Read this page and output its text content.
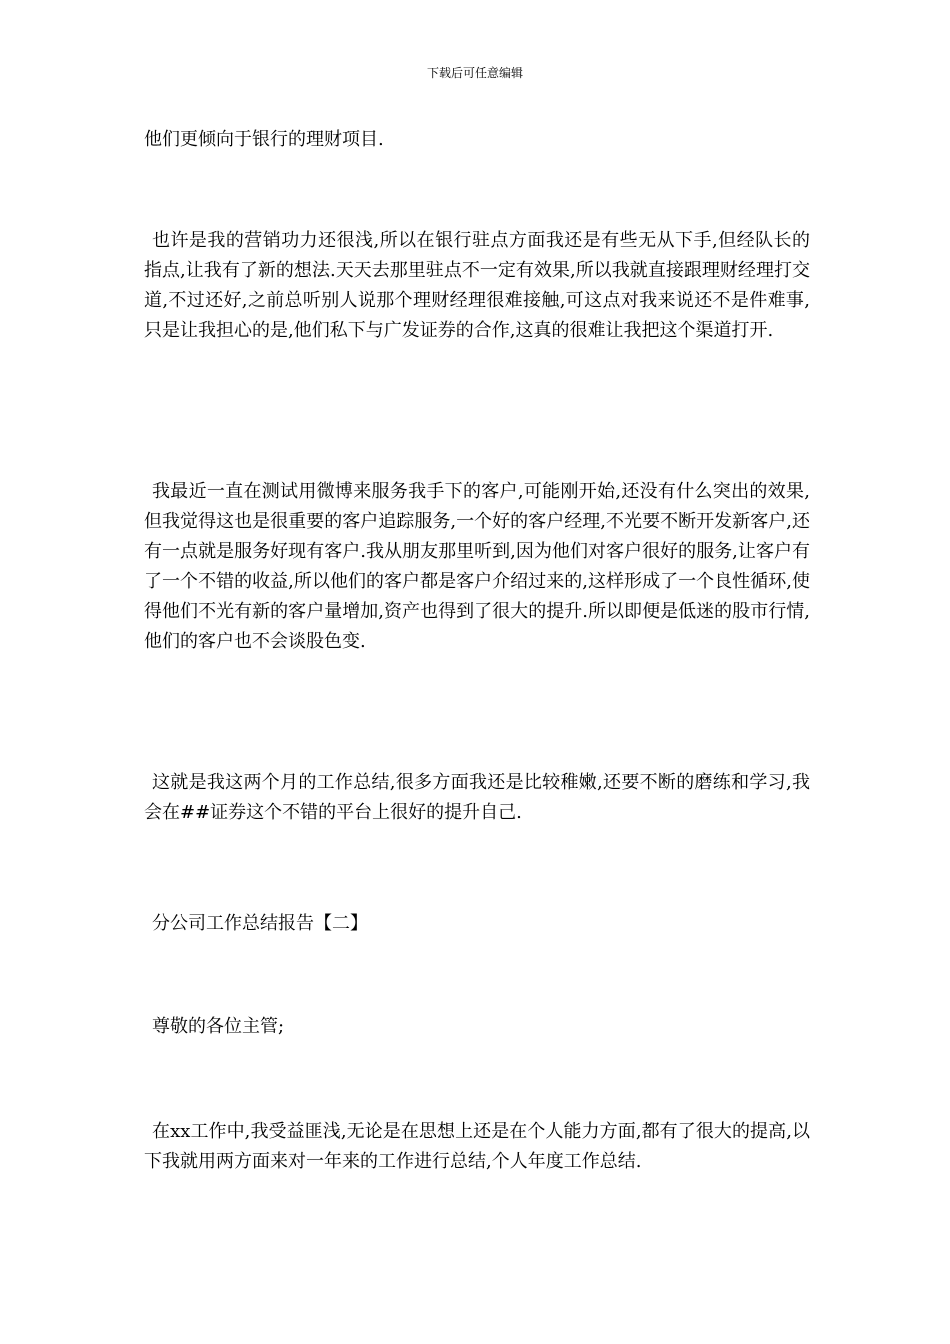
下载后可任意编辑

他们更倾向于银行的理财项目.

也许是我的营销功力还很浅,所以在银行驻点方面我还是有些无从下手,但经队长的指点,让我有了新的想法.天天去那里驻点不一定有效果,所以我就直接跟理财经理打交道,不过还好,之前总听别人说那个理财经理很难接触,可这点对我来说还不是件难事,只是让我担心的是,他们私下与广发证券的合作,这真的很难让我把这个渠道打开.

我最近一直在测试用微博来服务我手下的客户,可能刚开始,还没有什么突出的效果,但我觉得这也是很重要的客户追踪服务,一个好的客户经理,不光要不断开发新客户,还有一点就是服务好现有客户.我从朋友那里听到,因为他们对客户很好的服务,让客户有了一个不错的收益,所以他们的客户都是客户介绍过来的,这样形成了一个良性循环,使得他们不光有新的客户量增加,资产也得到了很大的提升.所以即便是低迷的股市行情,他们的客户也不会谈股色变.

这就是我这两个月的工作总结,很多方面我还是比较稚嫩,还要不断的磨练和学习,我会在##证券这个不错的平台上很好的提升自己.

分公司工作总结报告【二】

尊敬的各位主管;

在xx工作中,我受益匪浅,无论是在思想上还是在个人能力方面,都有了很大的提高,以下我就用两方面来对一年来的工作进行总结,个人年度工作总结.
